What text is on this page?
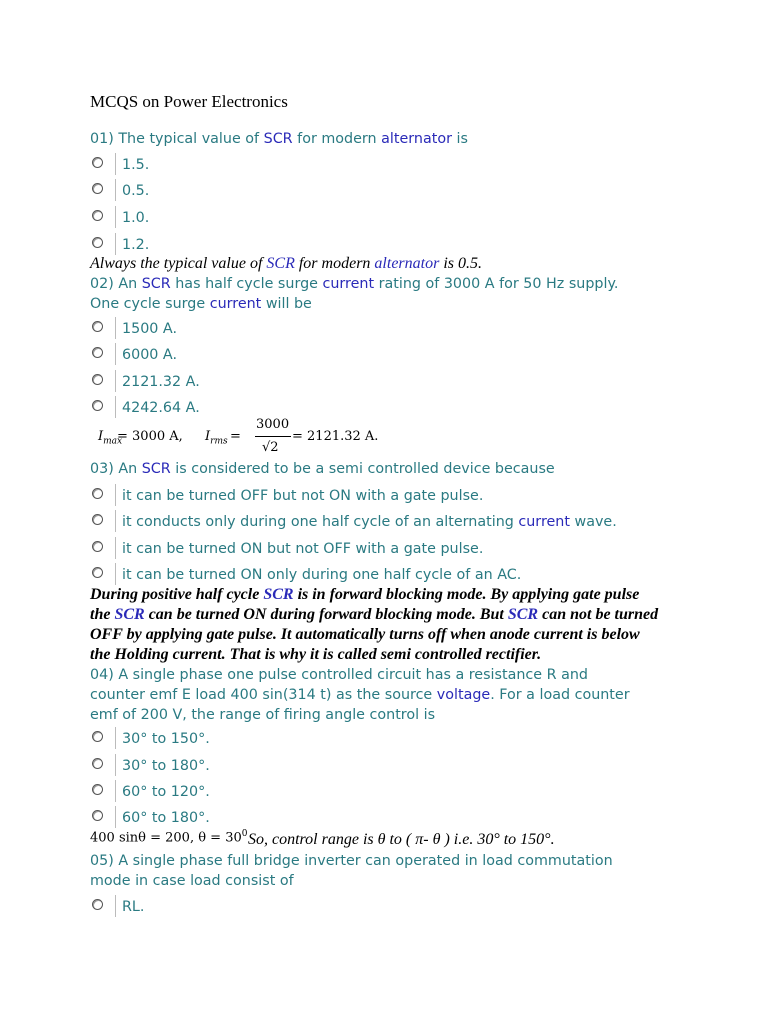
MCQS on Power Electronics
01) The typical value of SCR for modern alternator is
1.5.
0.5.
1.0.
1.2.
Always the typical value of SCR for modern alternator is 0.5.
02) An SCR has half cycle surge current rating of 3000 A for 50 Hz supply.
One cycle surge current will be
1500 A.
6000 A.
2121.32 A.
4242.64 A.
$I_{max}$
= 3000 A, $I_{rms}$ =
3000
√2
= 2121.32 A.
03) An SCR is considered to be a semi controlled device because
it can be turned OFF but not ON with a gate pulse.
it conducts only during one half cycle of an alternating current wave.
it can be turned ON but not OFF with a gate pulse.
it can be turned ON only during one half cycle of an AC.
During positive half cycle SCR is in forward blocking mode. By applying gate pulse
the SCR can be turned ON during forward blocking mode. But SCR can not be turned
OFF by applying gate pulse. It automatically turns off when anode current is below
the Holding current. That is why it is called semi controlled rectifier.
04) A single phase one pulse controlled circuit has a resistance R and
counter emf E load 400 sin(314 t) as the source voltage. For a load counter
emf of 200 V, the range of firing angle control is
30° to 150°.
30° to 180°.
60° to 120°.
60° to 180°.
400 sinθ = 200, $\theta = 30^0$ So, control range is θ to ( π- θ ) i.e. 30° to 150°.
05) A single phase full bridge inverter can operated in load commutation
mode in case load consist of
RL.
